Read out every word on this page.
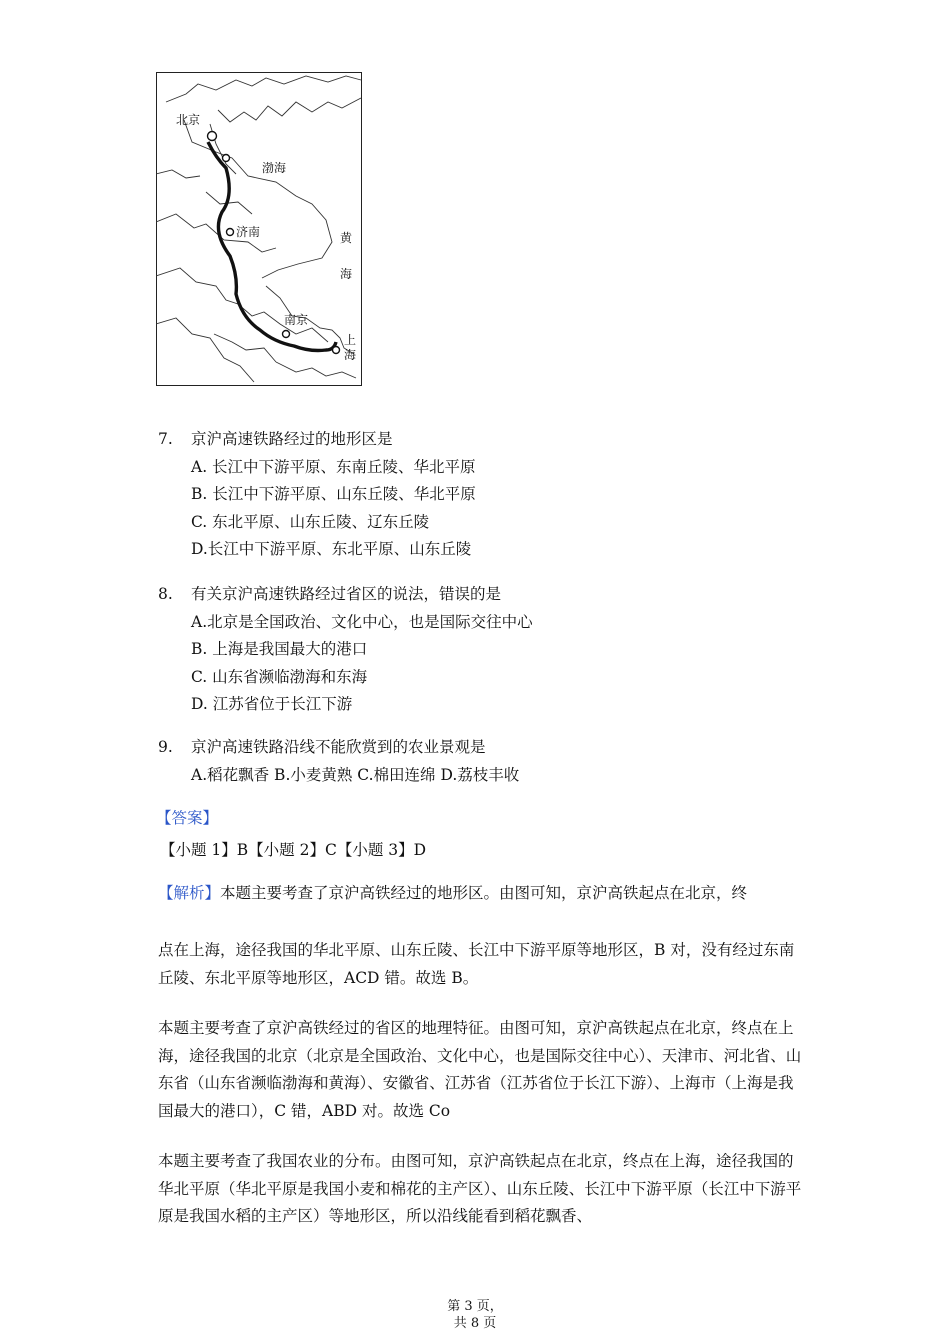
北京
渤海
济南	黄
海
南京
上
海
7. 京沪高速铁路经过的地形区是
A. 长江中下游平原、东南丘陵、华北平原
B. 长江中下游平原、山东丘陵、华北平原
C. 东北平原、山东丘陵、辽东丘陵
D.长江中下游平原、东北平原、山东丘陵
8. 有关京沪高速铁路经过省区的说法，错误的是
A.北京是全国政治、文化中心，也是国际交往中心
B. 上海是我国最大的港口
C. 山东省濒临渤海和东海
D. 江苏省位于长江下游
9. 京沪高速铁路沿线不能欣赏到的农业景观是
A.稻花飘香 B.小麦黄熟 C.棉田连绵 D.荔枝丰收
【答案】
【小题 1】B【小题 2】C【小题 3】D
【解析】本题主要考查了京沪高铁经过的地形区。由图可知，京沪高铁起点在北京，终
点在上海，途径我国的华北平原、山东丘陵、长江中下游平原等地形区，B 对，没有经过东南丘陵、东北平原等地形区，ACD 错。故选 B。
本题主要考查了京沪高铁经过的省区的地理特征。由图可知，京沪高铁起点在北京，终点在上海，途径我国的北京（北京是全国政治、文化中心，也是国际交往中心）、天津市、河北省、山东省（山东省濒临渤海和黄海）、安徽省、江苏省（江苏省位于长江下游）、上海市（上海是我国最大的港口），C 错，ABD 对。故选 Co
本题主要考查了我国农业的分布。由图可知，京沪高铁起点在北京，终点在上海，途径我国的华北平原（华北平原是我国小麦和棉花的主产区）、山东丘陵、长江中下游平原（长江中下游平原是我国水稻的主产区）等地形区，所以沿线能看到稻花飘香、
第 3 页，
共 8 页
